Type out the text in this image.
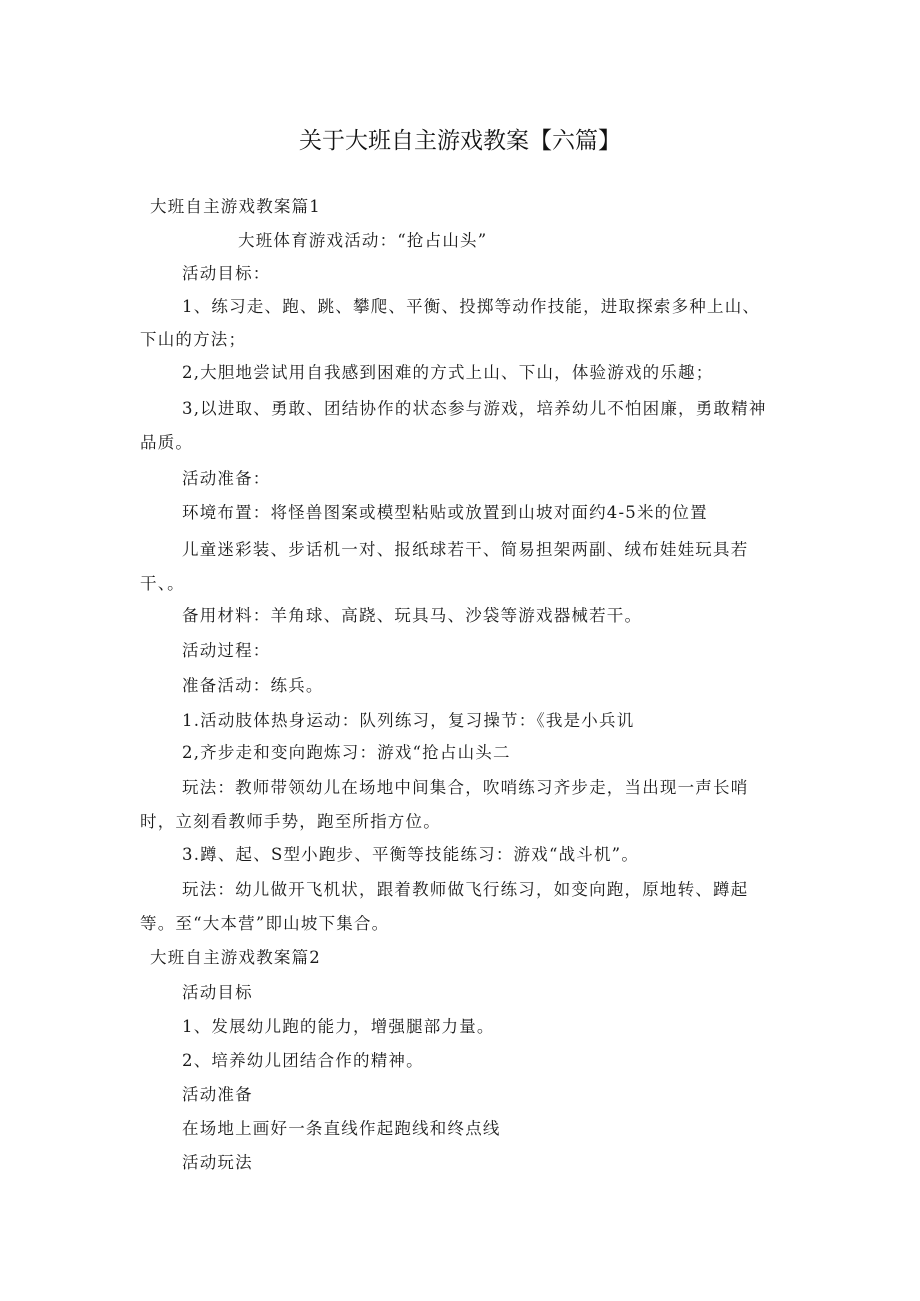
关于大班自主游戏教案【六篇】
大班自主游戏教案篇1
大班体育游戏活动：“抢占山头”
活动目标：
1、练习走、跑、跳、攀爬、平衡、投掷等动作技能，进取探索多种上山、
下山的方法；
2,大胆地尝试用自我感到困难的方式上山、下山，体验游戏的乐趣；
3,以进取、勇敢、团结协作的状态参与游戏，培养幼儿不怕困廉，勇敢精神
品质。
活动准备：
环境布置：将怪兽图案或模型粘贴或放置到山坡对面约4-5米的位置
儿童迷彩装、步话机一对、报纸球若干、简易担架两副、绒布娃娃玩具若
干、。
备用材料：羊角球、高跷、玩具马、沙袋等游戏器械若干。
活动过程：
准备活动：练兵。
1.活动肢体热身运动：队列练习，复习操节：《我是小兵讥
2,齐步走和变向跑炼习：游戏“抢占山头二
玩法：教师带领幼儿在场地中间集合，吹哨练习齐步走，当出现一声长哨
时，立刻看教师手势，跑至所指方位。
3.蹲、起、S型小跑步、平衡等技能练习：游戏“战斗机”。
玩法：幼儿做开飞机状，跟着教师做飞行练习，如变向跑，原地转、蹲起
等。至“大本营”即山坡下集合。
大班自主游戏教案篇2
活动目标
1、发展幼儿跑的能力，增强腿部力量。
2、培养幼儿团结合作的精神。
活动准备
在场地上画好一条直线作起跑线和终点线
活动玩法
